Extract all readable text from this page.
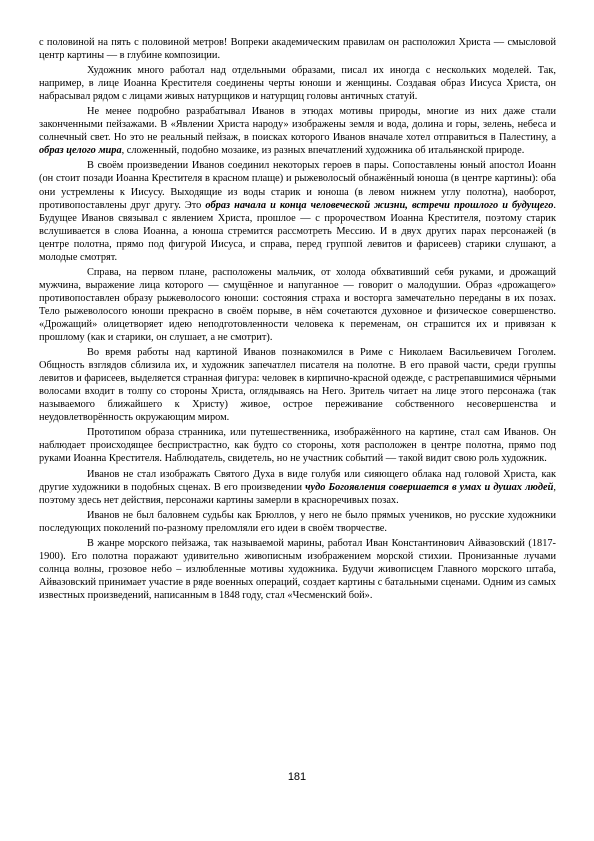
с половиной на пять с половиной метров! Вопреки академическим правилам он расположил Христа — смысловой центр картины — в глубине композиции.

Художник много работал над отдельными образами, писал их иногда с нескольких моделей. Так, например, в лице Иоанна Крестителя соединены черты юноши и женщины. Создавая образ Иисуса Христа, он набрасывал рядом с лицами живых натурщиков и натурщиц головы античных статуй.

Не менее подробно разрабатывал Иванов в этюдах мотивы природы, многие из них даже стали законченными пейзажами. В «Явлении Христа народу» изображены земля и вода, долина и горы, зелень, небеса и солнечный свет. Но это не реальный пейзаж, в поисках которого Иванов вначале хотел отправиться в Палестину, а образ целого мира, сложенный, подобно мозаике, из разных впечатлений художника об итальянской природе.

В своём произведении Иванов соединил некоторых героев в пары. Сопоставлены юный апостол Иоанн (он стоит позади Иоанна Крестителя в красном плаще) и рыжеволосый обнажённый юноша (в центре картины): оба они устремлены к Иисусу. Выходящие из воды старик и юноша (в левом нижнем углу полотна), наоборот, противопоставлены друг другу. Это образ начала и конца человеческой жизни, встречи прошлого и будущего. Будущее Иванов связывал с явлением Христа, прошлое — с пророчеством Иоанна Крестителя, поэтому старик вслушивается в слова Иоанна, а юноша стремится рассмотреть Мессию. И в двух других парах персонажей (в центре полотна, прямо под фигурой Иисуса, и справа, перед группой левитов и фарисеев) старики слушают, а молодые смотрят.

Справа, на первом плане, расположены мальчик, от холода обхвативший себя руками, и дрожащий мужчина, выражение лица которого — смущённое и напуганное — говорит о малодушии. Образ «дрожащего» противопоставлен образу рыжеволосого юноши: состояния страха и восторга замечательно переданы в их позах. Тело рыжеволосого юноши прекрасно в своём порыве, в нём сочетаются духовное и физическое совершенство. «Дрожащий» олицетворяет идею неподготовленности человека к переменам, он страшится их и привязан к прошлому (как и старики, он слушает, а не смотрит).

Во время работы над картиной Иванов познакомился в Риме с Николаем Васильевичем Гоголем. Общность взглядов сблизила их, и художник запечатлел писателя на полотне. В его правой части, среди группы левитов и фарисеев, выделяется странная фигура: человек в кирпично-красной одежде, с растрепавшимися чёрными волосами входит в толпу со стороны Христа, оглядываясь на Него. Зритель читает на лице этого персонажа (так называемого ближайшего к Христу) живое, острое переживание собственного несовершенства и неудовлетворённость окружающим миром.

Прототипом образа странника, или путешественника, изображённого на картине, стал сам Иванов. Он наблюдает происходящее беспристрастно, как будто со стороны, хотя расположен в центре полотна, прямо под руками Иоанна Крестителя. Наблюдатель, свидетель, но не участник событий — такой видит свою роль художник.

Иванов не стал изображать Святого Духа в виде голубя или сияющего облака над головой Христа, как другие художники в подобных сценах. В его произведении чудо Богоявления совершается в умах и душах людей, поэтому здесь нет действия, персонажи картины замерли в красноречивых позах.

Иванов не был баловнем судьбы как Брюллов, у него не было прямых учеников, но русские художники последующих поколений по-разному преломляли его идеи в своём творчестве.

В жанре морского пейзажа, так называемой марины, работал Иван Константинович Айвазовский (1817-1900). Его полотна поражают удивительно живописным изображением морской стихии. Пронизанные лучами солнца волны, грозовое небо – излюбленные мотивы художника. Будучи живописцем Главного морского штаба, Айвазовский принимает участие в ряде военных операций, создает картины с батальными сценами. Одним из самых известных произведений, написанным в 1848 году, стал «Чесменский бой».

181
